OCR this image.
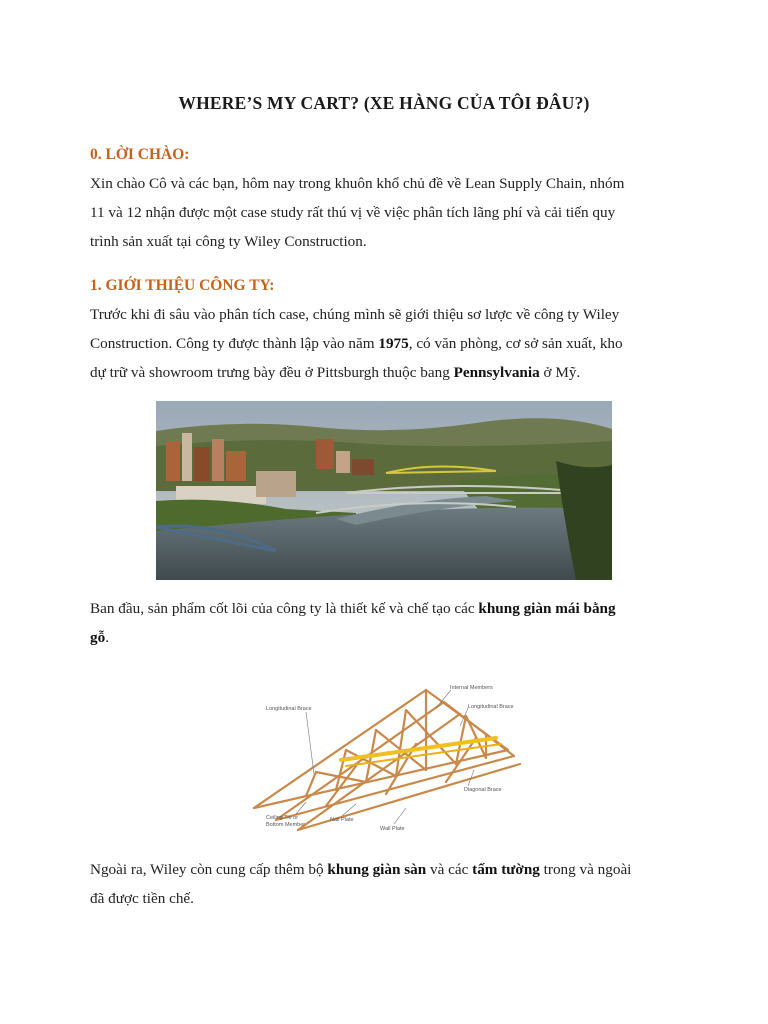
WHERE’S MY CART? (XE HÀNG CỦA TÔI ĐÂU?)
0. LỜI CHÀO:
Xin chào Cô và các bạn, hôm nay trong khuôn khổ chủ đề về Lean Supply Chain, nhóm
11 và 12 nhận được một case study rất thú vị về việc phân tích lãng phí và cải tiến quy
trình sản xuất tại công ty Wiley Construction.
1. GIỚI THIỆU CÔNG TY:
Trước khi đi sâu vào phân tích case, chúng mình sẽ giới thiệu sơ lược về công ty Wiley
Construction. Công ty được thành lập vào năm 1975, có văn phòng, cơ sở sản xuất, kho
dự trữ và showroom trưng bày đều ở Pittsburgh thuộc bang Pennsylvania ở Mỹ.
Ban đầu, sản phẩm cốt lõi của công ty là thiết kế và chế tạo các khung giàn mái bằng
gỗ.
Longitudinal Brace
Internal Members
Longitudinal Brace
Diagonal Brace
Ceiling Tie or
Bottom Member
Nail Plate
Wall Plate
Ngoài ra, Wiley còn cung cấp thêm bộ khung giàn sàn và các tấm tường trong và ngoài
đã được tiền chế.
